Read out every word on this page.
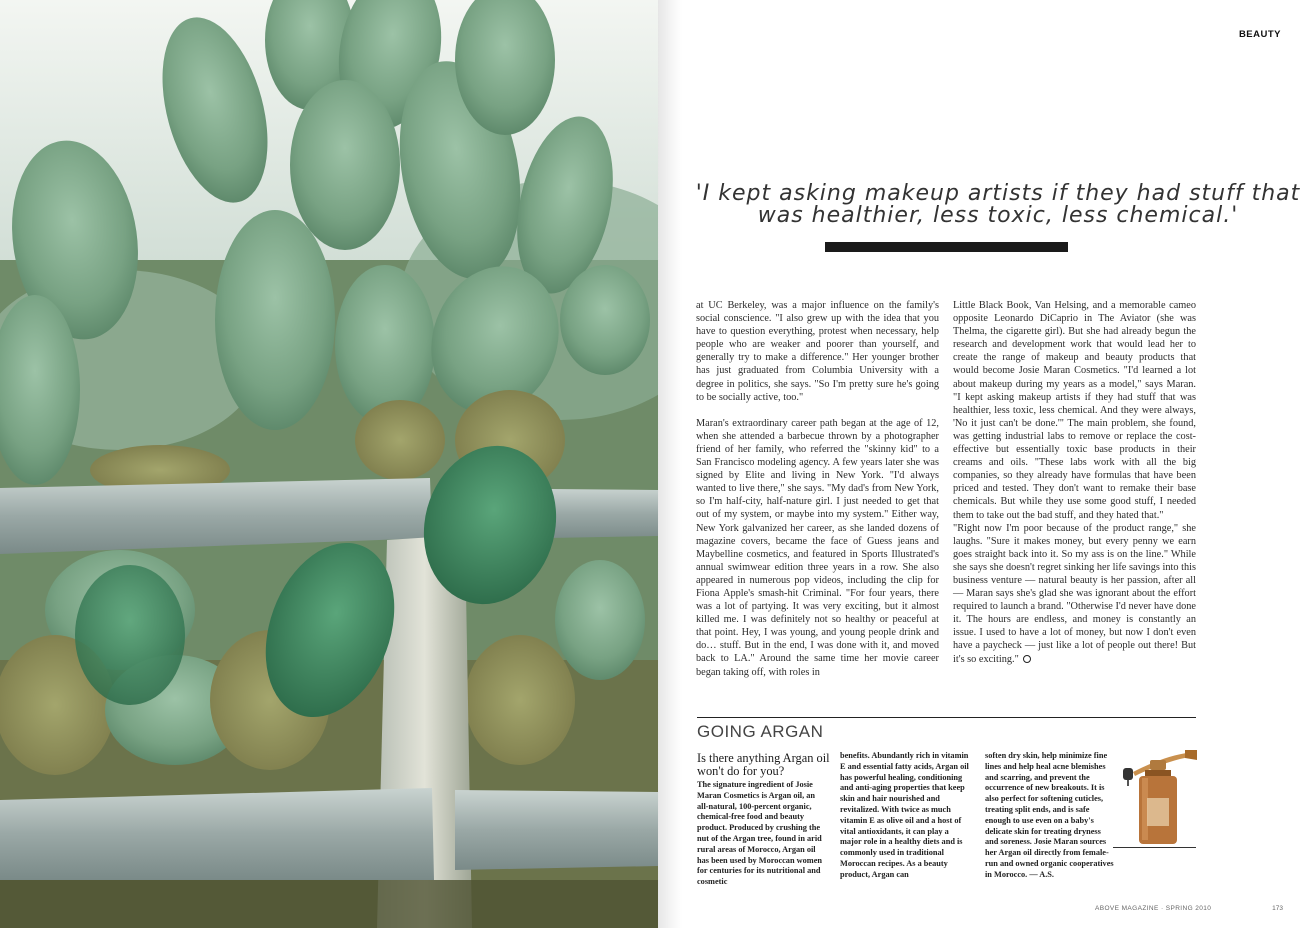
BEAUTY
'I kept asking makeup artists if they had stuff that was healthier, less toxic, less chemical.'

at UC Berkeley, was a major influence on the family's social conscience. "I also grew up with the idea that you have to question everything, protest when necessary, help people who are weaker and poorer than yourself, and generally try to make a difference." Her younger brother has just graduated from Columbia University with a degree in politics, she says. "So I'm pretty sure he's going to be socially active, too."

Maran's extraordinary career path began at the age of 12, when she attended a barbecue thrown by a photographer friend of her family, who referred the "skinny kid" to a San Francisco modeling agency. A few years later she was signed by Elite and living in New York. "I'd always wanted to live there," she says. "My dad's from New York, so I'm half-city, half-nature girl. I just needed to get that out of my system, or maybe into my system." Either way, New York galvanized her career, as she landed dozens of magazine covers, became the face of Guess jeans and Maybelline cosmetics, and featured in Sports Illustrated's annual swimwear edition three years in a row. She also appeared in numerous pop videos, including the clip for Fiona Apple's smash-hit Criminal. "For four years, there was a lot of partying. It was very exciting, but it almost killed me. I was definitely not so healthy or peaceful at that point. Hey, I was young, and young people drink and do… stuff. But in the end, I was done with it, and moved back to LA." Around the same time her movie career began taking off, with roles in

Little Black Book, Van Helsing, and a memorable cameo opposite Leonardo DiCaprio in The Aviator (she was Thelma, the cigarette girl). But she had already begun the research and development work that would lead her to create the range of makeup and beauty products that would become Josie Maran Cosmetics. "I'd learned a lot about makeup during my years as a model," says Maran. "I kept asking makeup artists if they had stuff that was healthier, less toxic, less chemical. And they were always, 'No it just can't be done.'" The main problem, she found, was getting industrial labs to remove or replace the cost-effective but essentially toxic base products in their creams and oils. "These labs work with all the big companies, so they already have formulas that have been priced and tested. They don't want to remake their base chemicals. But while they use some good stuff, I needed them to take out the bad stuff, and they hated that."

"Right now I'm poor because of the product range," she laughs. "Sure it makes money, but every penny we earn goes straight back into it. So my ass is on the line." While she says she doesn't regret sinking her life savings into this business venture — natural beauty is her passion, after all — Maran says she's glad she was ignorant about the effort required to launch a brand. "Otherwise I'd never have done it. The hours are endless, and money is constantly an issue. I used to have a lot of money, but now I don't even have a paycheck — just like a lot of people out there! But it's so exciting."

GOING ARGAN
Is there anything Argan oil won't do for you?
The signature ingredient of Josie Maran Cosmetics is Argan oil, an all-natural, 100-percent organic, chemical-free food and beauty product. Produced by crushing the nut of the Argan tree, found in arid rural areas of Morocco, Argan oil has been used by Moroccan women for centuries for its nutritional and cosmetic
benefits. Abundantly rich in vitamin E and essential fatty acids, Argan oil has powerful healing, conditioning and anti-aging properties that keep skin and hair nourished and revitalized. With twice as much vitamin E as olive oil and a host of vital antioxidants, it can play a major role in a healthy diets and is commonly used in traditional Moroccan recipes. As a beauty product, Argan can
soften dry skin, help minimize fine lines and help heal acne blemishes and scarring, and prevent the occurrence of new breakouts. It is also perfect for softening cuticles, treating split ends, and is safe enough to use even on a baby's delicate skin for treating dryness and soreness. Josie Maran sources her Argan oil directly from female-run and owned organic cooperatives in Morocco. — A.S.
ABOVE MAGAZINE · SPRING 2010	173
